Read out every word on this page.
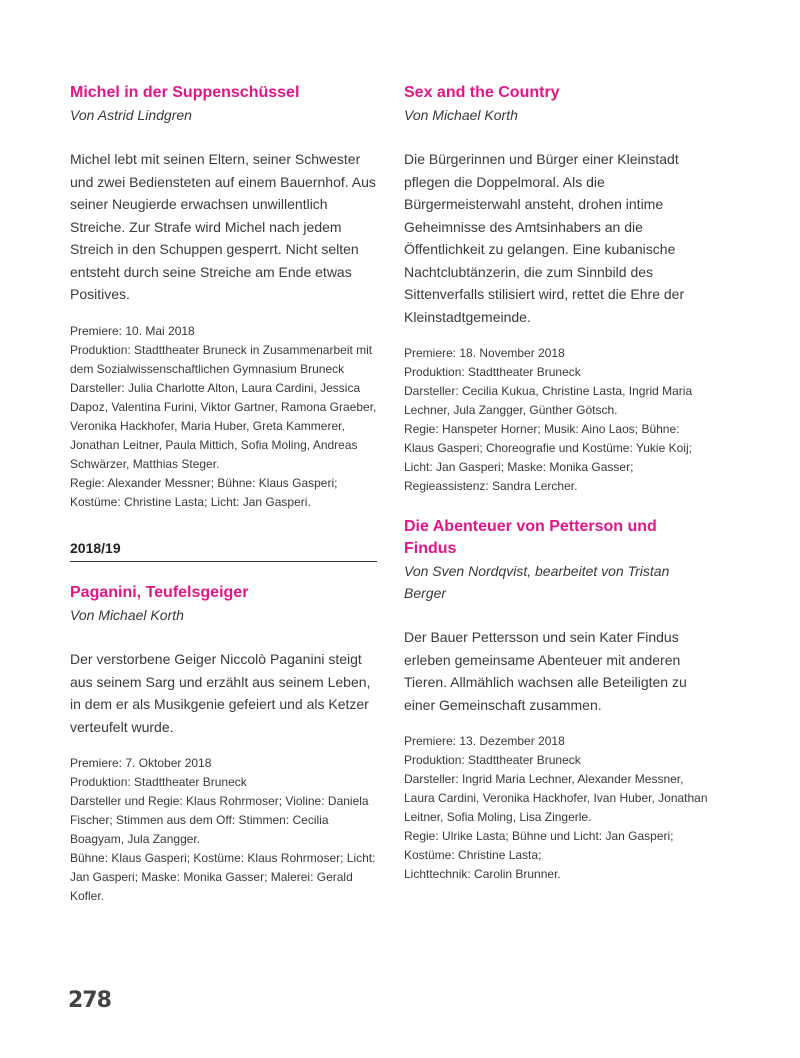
Michel in der Suppenschüssel

Von Astrid Lindgren

Michel lebt mit seinen Eltern, seiner Schwester und zwei Bediensteten auf einem Bauernhof. Aus seiner Neugierde erwachsen unwillentlich Streiche. Zur Strafe wird Michel nach jedem Streich in den Schuppen gesperrt. Nicht selten entsteht durch seine Streiche am Ende etwas Positives.

Premiere: 10. Mai 2018
Produktion: Stadttheater Bruneck in Zusammenarbeit mit dem Sozialwissenschaftlichen Gymnasium Bruneck
Darsteller: Julia Charlotte Alton, Laura Cardini, Jessica Dapoz, Valentina Furini, Viktor Gartner, Ramona Graeber, Veronika Hackhofer, Maria Huber, Greta Kammerer, Jonathan Leitner, Paula Mittich, Sofia Moling, Andreas Schwärzer, Matthias Steger.
Regie: Alexander Messner; Bühne: Klaus Gasperi; Kostüme: Christine Lasta; Licht: Jan Gasperi.
2018/19
Paganini, Teufelsgeiger

Von Michael Korth

Der verstorbene Geiger Niccolò Paganini steigt aus seinem Sarg und erzählt aus seinem Leben, in dem er als Musikgenie gefeiert und als Ketzer verteufelt wurde.

Premiere: 7. Oktober 2018
Produktion: Stadttheater Bruneck
Darsteller und Regie: Klaus Rohrmoser; Violine: Daniela Fischer; Stimmen aus dem Off: Stimmen: Cecilia Boagyam, Jula Zangger.
Bühne: Klaus Gasperi; Kostüme: Klaus Rohrmoser; Licht: Jan Gasperi; Maske: Monika Gasser; Malerei: Gerald Kofler.
Sex and the Country

Von Michael Korth

Die Bürgerinnen und Bürger einer Kleinstadt pflegen die Doppelmoral. Als die Bürgermeisterwahl ansteht, drohen intime Geheimnisse des Amtsinhabers an die Öffentlichkeit zu gelangen. Eine kubanische Nachtclubtänzerin, die zum Sinnbild des Sittenverfalls stilisiert wird, rettet die Ehre der Kleinstadtgemeinde.

Premiere: 18. November 2018
Produktion: Stadttheater Bruneck
Darsteller: Cecilia Kukua, Christine Lasta, Ingrid Maria Lechner, Jula Zangger, Günther Götsch.
Regie: Hanspeter Horner; Musik: Aino Laos; Bühne: Klaus Gasperi; Choreografie und Kostüme: Yukie Koij; Licht: Jan Gasperi; Maske: Monika Gasser;
Regieassistenz: Sandra Lercher.
Die Abenteuer von Petterson und Findus

Von Sven Nordqvist, bearbeitet von Tristan Berger

Der Bauer Pettersson und sein Kater Findus erleben gemeinsame Abenteuer mit anderen Tieren. Allmählich wachsen alle Beteiligten zu einer Gemeinschaft zusammen.

Premiere: 13. Dezember 2018
Produktion: Stadttheater Bruneck
Darsteller: Ingrid Maria Lechner, Alexander Messner, Laura Cardini, Veronika Hackhofer, Ivan Huber, Jonathan Leitner, Sofia Moling, Lisa Zingerle.
Regie: Ulrike Lasta; Bühne und Licht: Jan Gasperi; Kostüme: Christine Lasta;
Lichttechnik: Carolin Brunner.
278
